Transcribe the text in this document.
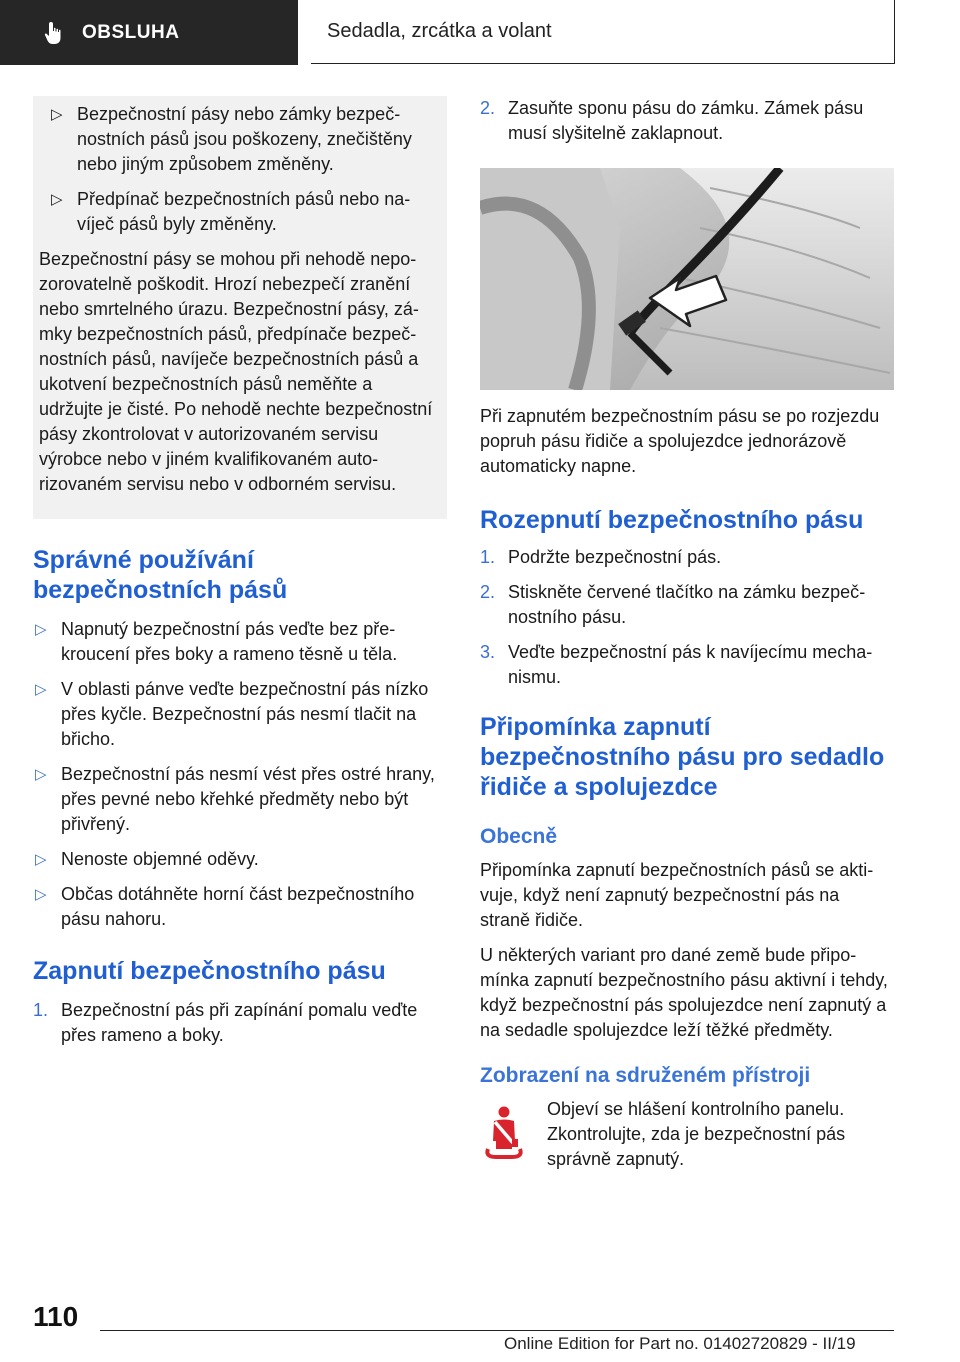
OBSLUHA	Sedadla, zrcátka a volant
▷ Bezpečnostní pásy nebo zámky bezpečnostních pásů jsou poškozeny, znečištěny nebo jiným způsobem změněny.
▷ Předpínač bezpečnostních pásů nebo navíječ pásů byly změněny.

Bezpečnostní pásy se mohou při nehodě nepozorovatelně poškodit. Hrozí nebezpečí zranění nebo smrtelného úrazu. Bezpečnostní pásy, zámky bezpečnostních pásů, předpínače bezpečnostních pásů, navíječe bezpečnostních pásů a ukotvení bezpečnostních pásů neměňte a udržujte je čisté. Po nehodě nechte bezpečnostní pásy zkontrolovat v autorizovaném servisu výrobce nebo v jiném kvalifikovaném autorizovaném servisu nebo v odborném servisu.

Správné používání bezpečnostních pásů
▷ Napnutý bezpečnostní pás veďte bez překroucení přes boky a rameno těsně u těla.
▷ V oblasti pánve veďte bezpečnostní pás nízko přes kyčle. Bezpečnostní pás nesmí tlačit na břicho.
▷ Bezpečnostní pás nesmí vést přes ostré hrany, přes pevné nebo křehké předměty nebo být přivřený.
▷ Nenoste objemné oděvy.
▷ Občas dotáhněte horní část bezpečnostního pásu nahoru.
Zapnutí bezpečnostního pásu
1. Bezpečnostní pás při zapínání pomalu veďte přes rameno a boky.
2. Zasuňte sponu pásu do zámku. Zámek pásu musí slyšitelně zaklapnout.

Při zapnutém bezpečnostním pásu se po rozjezdu popruh pásu řidiče a spolujezdce jednorázově automaticky napne.

Rozepnutí bezpečnostního pásu
1. Podržte bezpečnostní pás.
2. Stiskněte červené tlačítko na zámku bezpečnostního pásu.
3. Veďte bezpečnostní pás k navíjecímu mechanismu.
Připomínka zapnutí bezpečnostního pásu pro sedadlo řidiče a spolujezdce
Obecně

Připomínka zapnutí bezpečnostních pásů se aktivuje, když není zapnutý bezpečnostní pás na straně řidiče.

U některých variant pro dané země bude připomínka zapnutí bezpečnostního pásu aktivní i tehdy, když bezpečnostní pás spolujezdce není zapnutý a na sedadle spolujezdce leží těžké předměty.

Zobrazení na sdruženém přístroji
Objeví se hlášení kontrolního panelu. Zkontrolujte, zda je bezpečnostní pás správně zapnutý.
110
Online Edition for Part no. 01402720829 - II/19
